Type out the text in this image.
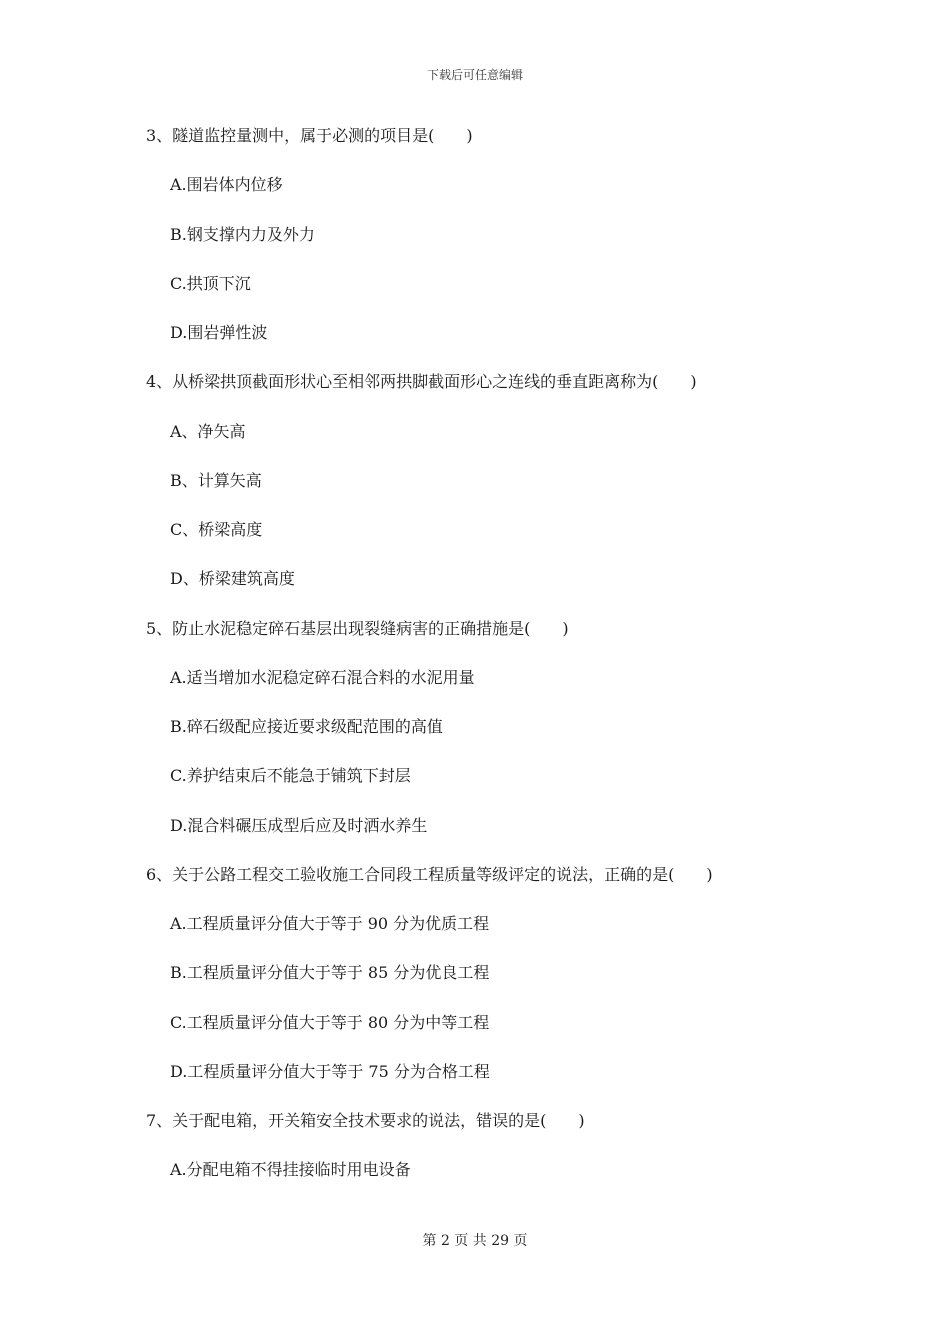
下载后可任意编辑
3、隧道监控量测中，属于必测的项目是(　　)
A.围岩体内位移
B.钢支撑内力及外力
C.拱顶下沉
D.围岩弹性波
4、从桥梁拱顶截面形状心至相邻两拱脚截面形心之连线的垂直距离称为(　　)
A、净矢高
B、计算矢高
C、桥梁高度
D、桥梁建筑高度
5、防止水泥稳定碎石基层出现裂缝病害的正确措施是(　　)
A.适当增加水泥稳定碎石混合料的水泥用量
B.碎石级配应接近要求级配范围的高值
C.养护结束后不能急于铺筑下封层
D.混合料碾压成型后应及时洒水养生
6、关于公路工程交工验收施工合同段工程质量等级评定的说法，正确的是(　　)
A.工程质量评分值大于等于 90 分为优质工程
B.工程质量评分值大于等于 85 分为优良工程
C.工程质量评分值大于等于 80 分为中等工程
D.工程质量评分值大于等于 75 分为合格工程
7、关于配电箱，开关箱安全技术要求的说法，错误的是(　　)
A.分配电箱不得挂接临时用电设备
第 2 页 共 29 页
